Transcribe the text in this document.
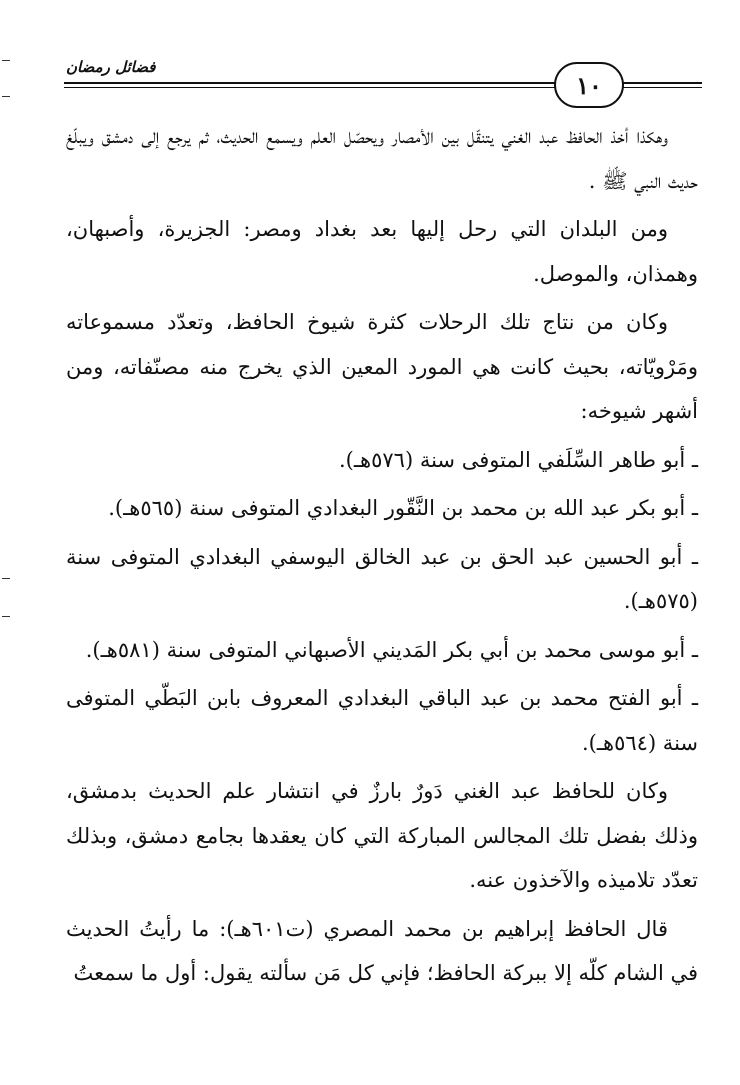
فضائل رمضان
١٠

وهكذا أخذ الحافظ عبد الغني يتنقّل بين الأمصار ويحصّل العلم ويسمع الحديث، ثم يرجع إلى دمشق ويبلّغ حديث النبي ﷺ .

ومن البلدان التي رحل إليها بعد بغداد ومصر: الجزيرة، وأصبهان، وهمذان، والموصل.

وكان من نتاج تلك الرحلات كثرة شيوخ الحافظ، وتعدّد مسموعاته ومَرْويّاته، بحيث كانت هي المورد المعين الذي يخرج منه مصنّفاته، ومن أشهر شيوخه:

ـ أبو طاهر السِّلَفي المتوفى سنة (٥٧٦هـ).

ـ أبو بكر عبد الله بن محمد بن النَّقّور البغدادي المتوفى سنة (٥٦٥هـ).

ـ أبو الحسين عبد الحق بن عبد الخالق اليوسفي البغدادي المتوفى سنة (٥٧٥هـ).

ـ أبو موسى محمد بن أبي بكر المَديني الأصبهاني المتوفى سنة (٥٨١هـ).

ـ أبو الفتح محمد بن عبد الباقي البغدادي المعروف بابن البَطّي المتوفى سنة (٥٦٤هـ).

وكان للحافظ عبد الغني دَورٌ بارزٌ في انتشار علم الحديث بدمشق، وذلك بفضل تلك المجالس المباركة التي كان يعقدها بجامع دمشق، وبذلك تعدّد تلاميذه والآخذون عنه.

قال الحافظ إبراهيم بن محمد المصري (ت٦٠١هـ): ما رأيتُ الحديث في الشام كلّه إلا ببركة الحافظ؛ فإني كل مَن سألته يقول: أول ما سمعتُ
